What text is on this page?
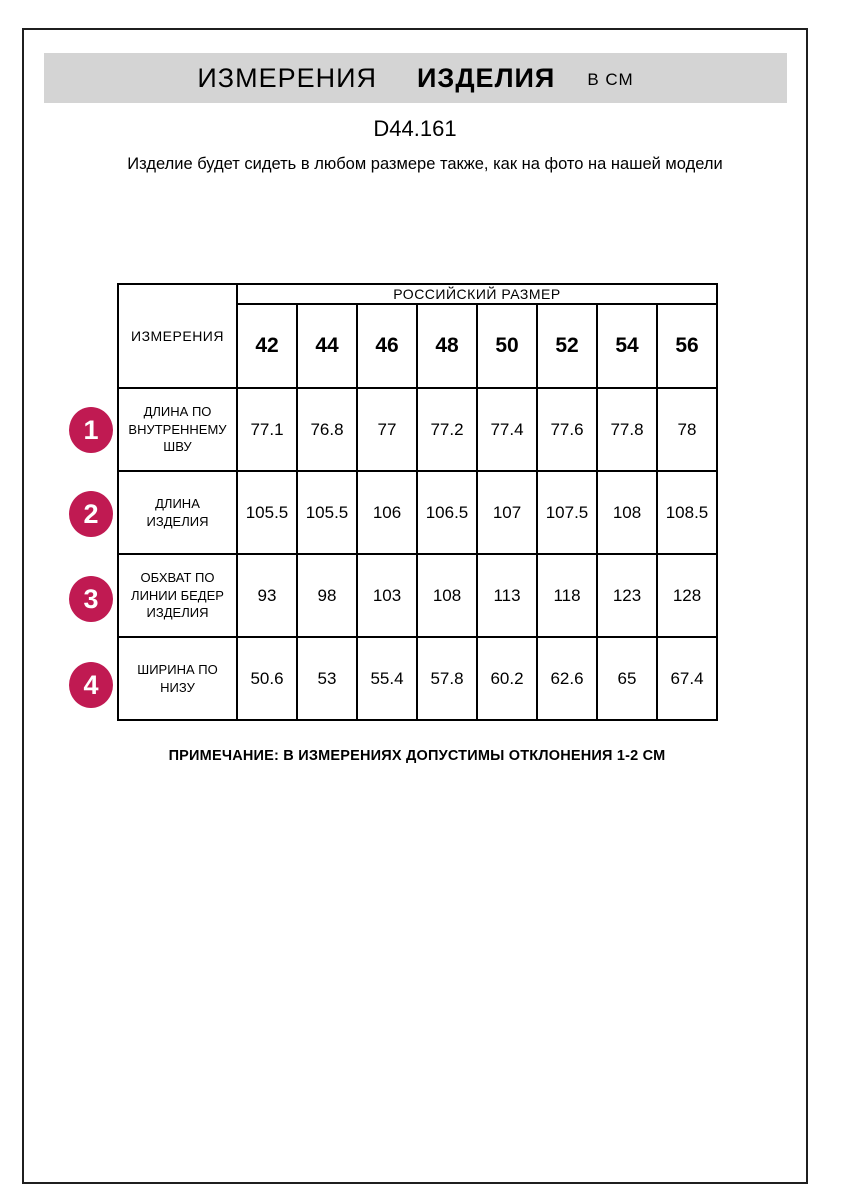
ИЗМЕРЕНИЯ ИЗДЕЛИЯ В СМ
D44.161
Изделие будет сидеть в любом размере также, как на фото на нашей модели
ИЗМЕРЕНИЯ	РОССИЙСКИЙ РАЗМЕР							
	42	44	46	48	50	52	54	56
ДЛИНА ПО ВНУТРЕННЕМУ ШВУ	77.1	76.8	77	77.2	77.4	77.6	77.8	78
ДЛИНА ИЗДЕЛИЯ	105.5	105.5	106	106.5	107	107.5	108	108.5
ОБХВАТ ПО ЛИНИИ БЕДЕР ИЗДЕЛИЯ	93	98	103	108	113	118	123	128
ШИРИНА ПО НИЗУ	50.6	53	55.4	57.8	60.2	62.6	65	67.4
1
2
3
4
ПРИМЕЧАНИЕ: В ИЗМЕРЕНИЯХ ДОПУСТИМЫ ОТКЛОНЕНИЯ 1-2 СМ
